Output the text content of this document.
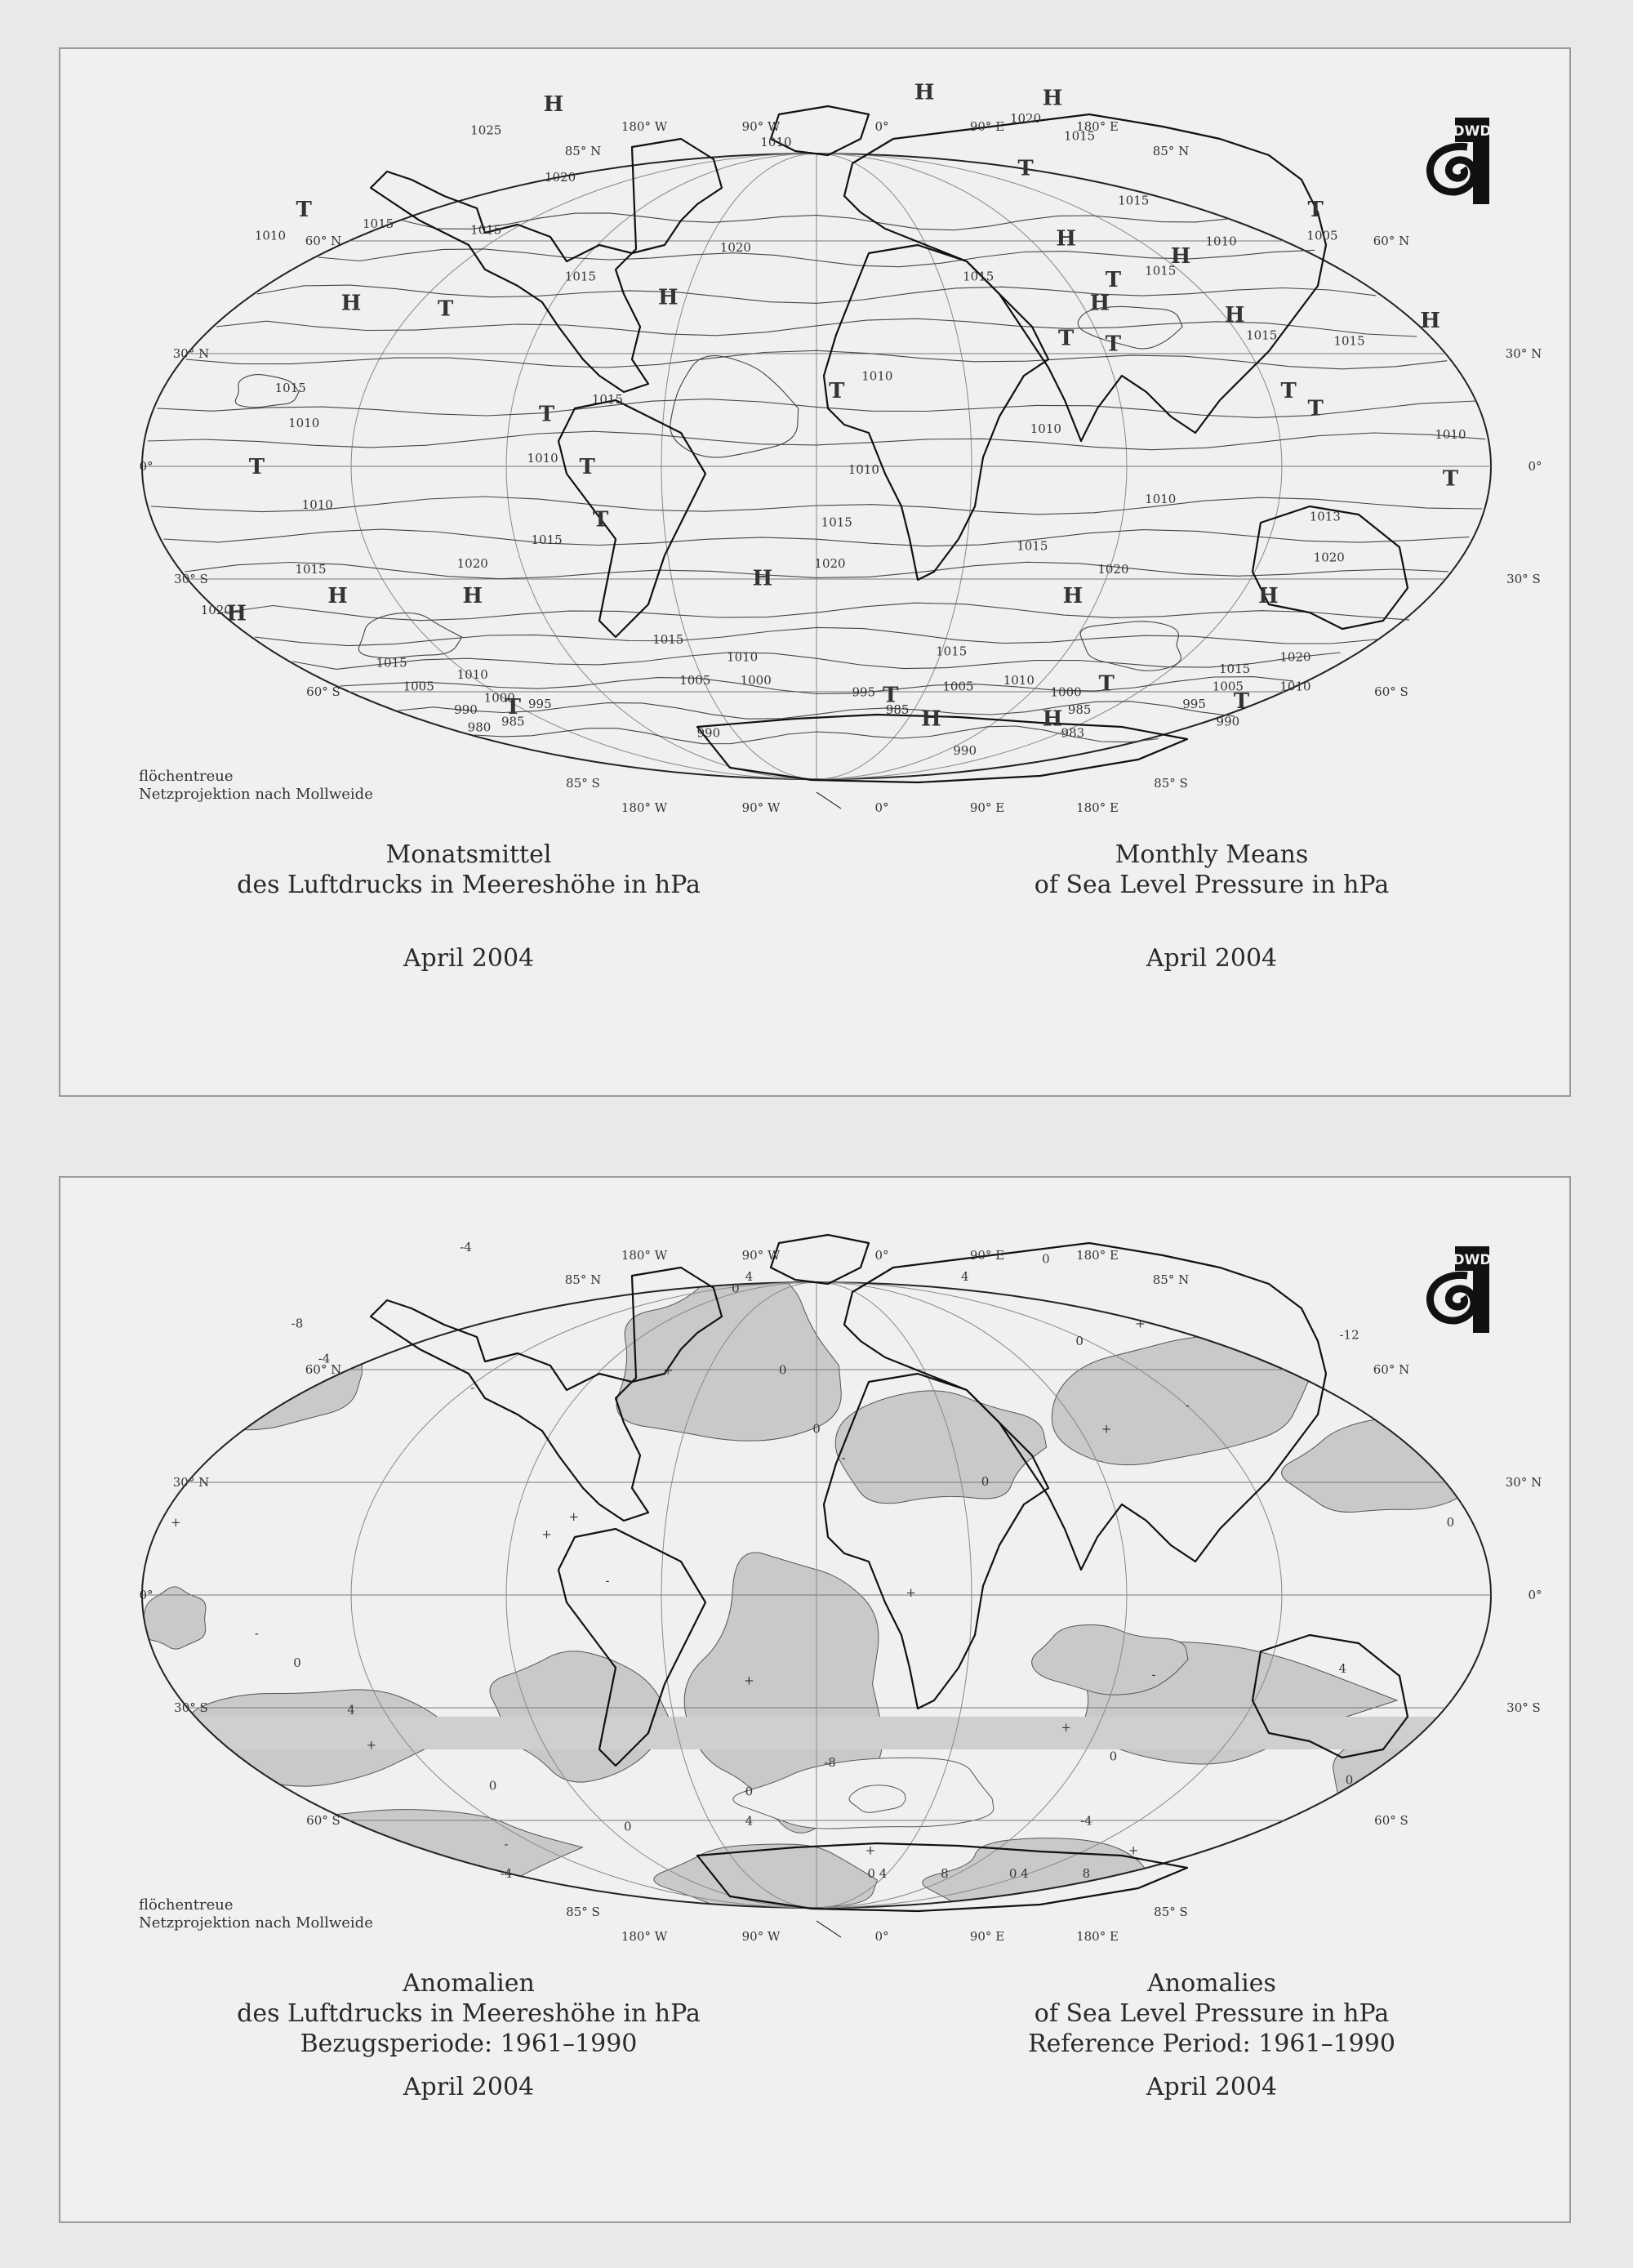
180° W
180° W
90° W
90° W
0°
0°
90° E
90° E
180° E
180° E
85° N	85° N
85° S	85° S
60° N	60° N
30° N	30° N
0°	0°
30° S	30° S
60° S	60° S
1025
1020
1010
1020
1015
1015
1010
1015	1015
1020
1015	1015	1015
1010	1005
1015	1015
1015
1010
1015
1010
1010	1010
1010
1010
1010
1010
1015
1015
1015
1015	1020	1020	1020
1013
1020
1020
1015
1010	1015
1015
1020
1015
1010	1005 1000	1010
1005	1000	1005	1010
1005
1000 995
995
985	985	995
990
990
985
980	990
990
983
H	H	H
T
T
H	T	H
H
H
T
H
T T
H
T
H
T
T
T
T
T
T
T
T
H
H	H
H
H	H
T
H	H
T
T
T
DWD
flöchentreue
Netzprojektion nach Mollweide
Monatsmittel
des Luftdrucks in Meereshöhe in hPa
Monthly Means
of Sea Level Pressure in hPa
April 2004	April 2004
180° W
180° W
90° W
90° W
0°
0°
90° E
90° E
180° E
180° E
85° N	85° N
85° S	85° S
60° N	60° N
30° N	30° N
0°	0°
30° S	30° S
60° S	60° S
-4
4	4
0
0
-8
-4
-12
+
+
+
-
0
0
0
-
0
-
+	+
+
0
-
+
-
0
4
+
+	-
+
0
4
-8
0
4
0	-4
0
-
-4	0 4	8	0 4	8
+	+
0
DWD
flöchentreue
Netzprojektion nach Mollweide
Anomalien
des Luftdrucks in Meereshöhe in hPa
Bezugsperiode: 1961–1990
Anomalies
of Sea Level Pressure in hPa
Reference Period: 1961–1990
April 2004	April 2004
